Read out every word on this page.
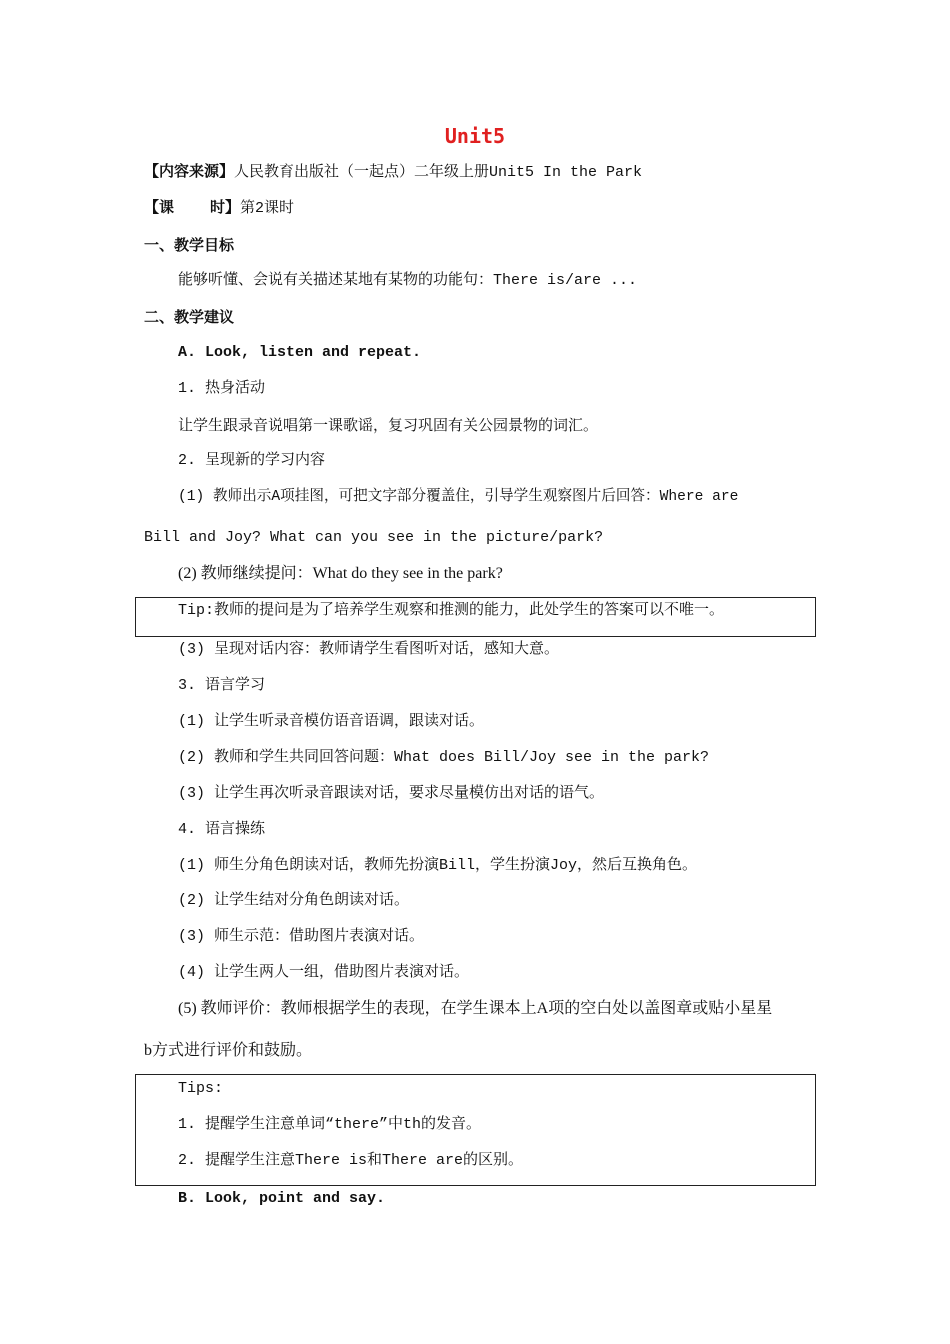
Unit5
【内容来源】人民教育出版社（一起点）二年级上册Unit5 In the Park
【课    时】第2课时
一、教学目标
能够听懂、会说有关描述某地有某物的功能句：There is/are ...
二、教学建议
A. Look, listen and repeat.
1. 热身活动
让学生跟录音说唱第一课歌谣，复习巩固有关公园景物的词汇。
2. 呈现新的学习内容
(1) 教师出示A项挂图，可把文字部分覆盖住，引导学生观察图片后回答：Where are
Bill and Joy? What can you see in the picture/park?
(2) 教师继续提问：What do they see in the park?
Tip:教师的提问是为了培养学生观察和推测的能力，此处学生的答案可以不唯一。
(3) 呈现对话内容：教师请学生看图听对话，感知大意。
3. 语言学习
(1) 让学生听录音模仿语音语调，跟读对话。
(2) 教师和学生共同回答问题：What does Bill/Joy see in the park?
(3) 让学生再次听录音跟读对话，要求尽量模仿出对话的语气。
4. 语言操练
(1) 师生分角色朗读对话，教师先扮演Bill，学生扮演Joy，然后互换角色。
(2) 让学生结对分角色朗读对话。
(3) 师生示范：借助图片表演对话。
(4) 让学生两人一组，借助图片表演对话。
(5) 教师评价：教师根据学生的表现，在学生课本上A项的空白处以盖图章或贴小星星
b方式进行评价和鼓励。
Tips:
1. 提醒学生注意单词“there”中th的发音。
2. 提醒学生注意There is和There are的区别。
B. Look, point and say.
